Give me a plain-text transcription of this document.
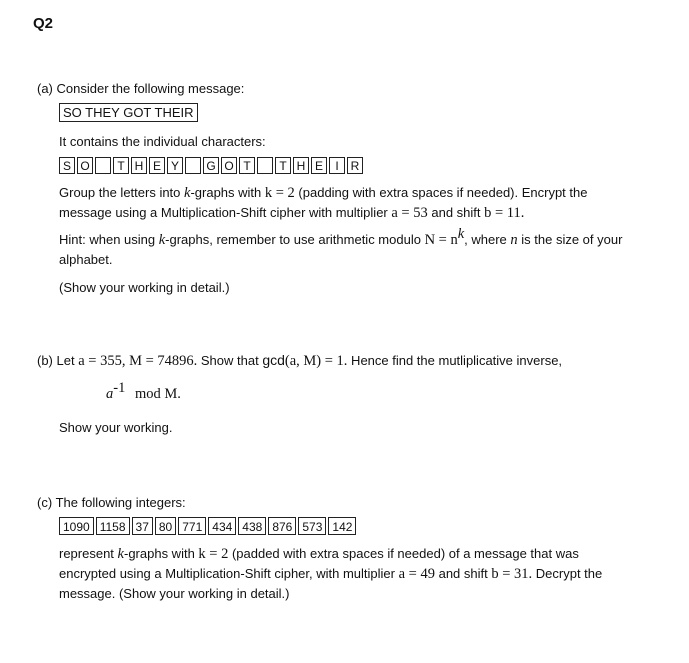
Q2
(a) Consider the following message:
SO THEY GOT THEIR
It contains the individual characters:
S O	T H E Y	G O T	T H E	I R
Group the letters into k-graphs with k = 2 (padding with extra spaces if needed). Encrypt the
message using a Multiplication-Shift cipher with multiplier a = 53 and shift b = 11.
Hint: when using k-graphs, remember to use arithmetic modulo $N = n^k$, where n is the size of your
alphabet.
(Show your working in detail.)
(b) Let a = 355, M = 74896. Show that gcd(a, M) = 1. Hence find the mutliplicative inverse,
$a^{-1}$ mod M.
Show your working.
(c) The following integers:
1090 1158 37 80 771 434 438 876 573 142
represent k-graphs with k = 2 (padded with extra spaces if needed) of a message that was
encrypted using a Multiplication-Shift cipher, with multiplier a = 49 and shift b = 31. Decrypt the
message. (Show your working in detail.)
